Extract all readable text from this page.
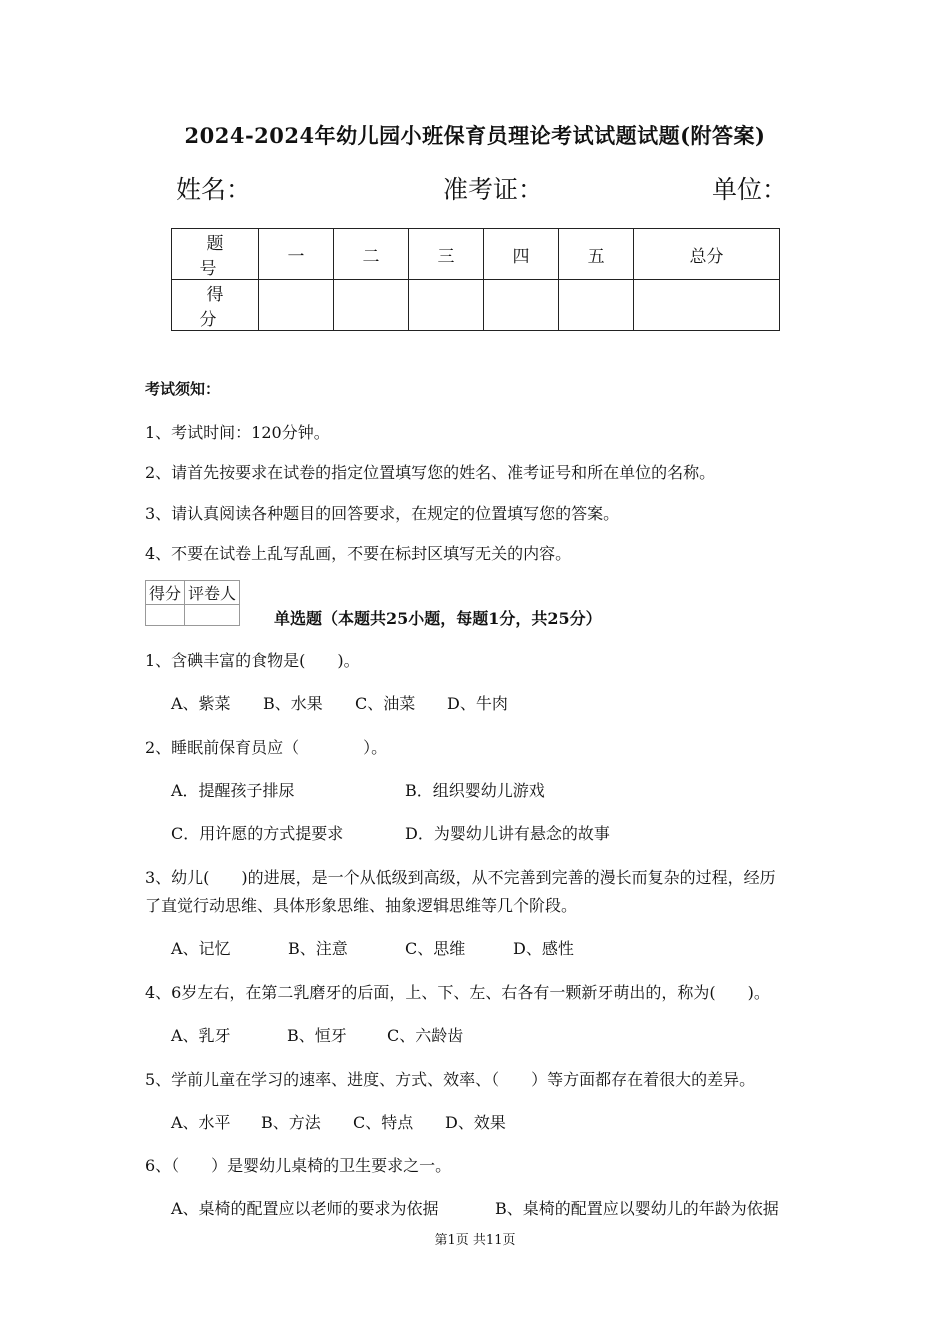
2024-2024年幼儿园小班保育员理论考试试题试题(附答案)
姓名：	准考证：	单位：
题　号	一	二	三	四	五	总分
得　分						
考试须知：
1、考试时间：120分钟。
2、请首先按要求在试卷的指定位置填写您的姓名、准考证号和所在单位的名称。
3、请认真阅读各种题目的回答要求，在规定的位置填写您的答案。
4、不要在试卷上乱写乱画，不要在标封区填写无关的内容。
得分	评卷人

单选题（本题共25小题，每题1分，共25分）
1、含碘丰富的食物是(　　)。
A、紫菜 B、水果 C、油菜 D、牛肉
2、睡眠前保育员应（　　　　）。
A．提醒孩子排尿	B．组织婴幼儿游戏
C．用许愿的方式提要求	D．为婴幼儿讲有悬念的故事
3、幼儿(　　)的进展，是一个从低级到高级，从不完善到完善的漫长而复杂的过程，经历
了直觉行动思维、具体形象思维、抽象逻辑思维等几个阶段。
A、记忆	B、注意	C、思维	D、感性
4、6岁左右，在第二乳磨牙的后面，上、下、左、右各有一颗新牙萌出的，称为(　　)。
A、乳牙	B、恒牙	C、六龄齿
5、学前儿童在学习的速率、进度、方式、效率、（　　）等方面都存在着很大的差异。
A、水平 B、方法 C、特点 D、效果
6、（　　）是婴幼儿桌椅的卫生要求之一。
A、桌椅的配置应以老师的要求为依据	B、桌椅的配置应以婴幼儿的年龄为依据
第1页 共11页
